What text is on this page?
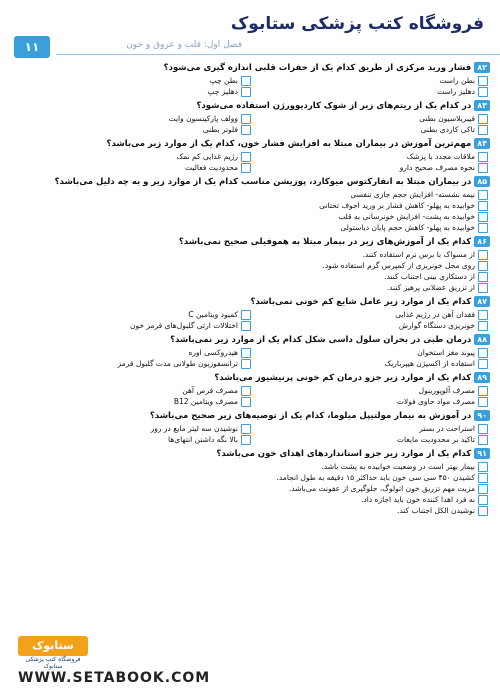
فروشگاه کتب پزشکی ستابوک
فصل اول: قلب و عروق و خون
۱۱
۸۲فشار ورید مرکزی از طریق کدام یک از حفرات قلبی اندازه گیری می‌شود؟
بطن راست
بطن چپ
دهلیز راست
دهلیز چپ
۸۳در کدام یک از ریتم‌های زیر از شوک کاردیوورژن استفاده می‌شود؟
فیبریلاسیون بطنی
وولف پارکینسون وایت
تاکی کاردی بطنی
فلوتر بطنی
۸۴مهم‌ترین آموزش در بیماران مبتلا به افزایش فشار خون، کدام یک از موارد زیر می‌باشد؟
ملاقات مجدد با پزشک
رژیم غذایی کم نمک
نحوه مصرف صحیح دارو
محدودیت فعالیت
۸۵در بیماران مبتلا به انفارکتوس میوکارد، پوزیشن مناسب کدام یک از موارد زیر و به چه دلیل می‌باشد؟
نیمه نشسته- افزایش حجم جاری تنفسی
خوابیده به پهلو- کاهش فشار بر ورید اجوف تحتانی
خوابیده به پشت- افزایش خونرسانی به قلب
خوابیده به پهلو- کاهش حجم پایان دیاستولی
۸۶کدام یک از آموزش‌های زیر در بیمار مبتلا به هموفیلی صحیح نمی‌باشد؟
از مسواک با برس نرم استفاده کنند.
روی محل خونریزی از کمپرس گرم استفاده شود.
از دستکاری بینی اجتناب کنند.
از تزریق عضلانی پرهیز کنند.
۸۷کدام یک از موارد زیر عامل شایع کم خونی نمی‌باشد؟
فقدان آهن در رژیم غذایی
کمبود ویتامین C
خونریزی دستگاه گوارش
اختلالات ارثی گلبول‌های قرمز خون
۸۸درمان طبی در بحران سلول داسی شکل کدام یک از موارد زیر نمی‌باشد؟
پیوند مغز استخوان
هیدروکسی اوره
استفاده از اکسیژن هیپرباریک
ترانسفوزیون طولانی مدت گلبول قرمز
۸۹کدام یک از موارد زیر جزو درمان کم خونی پرنیشیوز می‌باشد؟
مصرف آلوپورینول
مصرف قرص آهن
مصرف مواد حاوی فولات
مصرف ویتامین B12
۹۰در آموزش به بیمار مولتیپل میلوما، کدام یک از توصیه‌های زیر صحیح می‌باشد؟
استراحت در بستر
نوشیدن سه لیتر مایع در روز
تاکید بر محدودیت مایعات
بالا نگه داشتن انتهای‌ها
۹۱کدام یک از موارد زیر جزو استانداردهای اهدای خون می‌باشد؟
بیمار بهتر است در وضعیت خوابیده به پشت باشد.
کشیدن ۴۵۰ سی سی خون باید حداکثر ۱۵ دقیقه به طول انجامد.
مزیت مهم تزریق خون اتولوگ، جلوگیری از عفونت می‌باشد.
به فرد اهدا کننده خون باید اجازه داد.
نوشیدن الکل اجتناب کند.
ستابوک
فروشگاه کتب پزشکی ستابوک
WWW.SETABOOK.COM
